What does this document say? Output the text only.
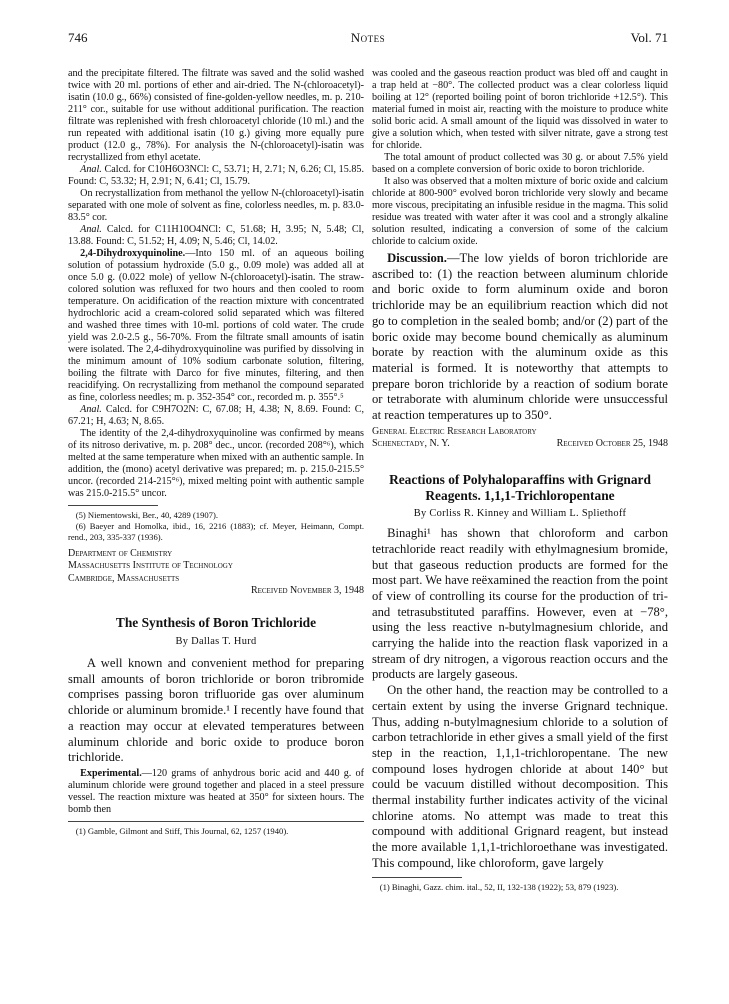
746	Notes	Vol. 71

and the precipitate filtered. The filtrate was saved and the solid washed twice with 20 ml. portions of ether and air-dried. The N-(chloroacetyl)-isatin (10.0 g., 66%) consisted of fine-golden-yellow needles, m. p. 210-211° cor., suitable for use without additional purification. The reaction filtrate was replenished with fresh chloroacetyl chloride (10 ml.) and the run repeated with additional isatin (10 g.) giving more equally pure product (12.0 g., 78%). For analysis the N-(chloroacetyl)-isatin was recrystallized from ethyl acetate.

Anal. Calcd. for C10H6O3NCl: C, 53.71; H, 2.71; N, 6.26; Cl, 15.85. Found: C, 53.32; H, 2.91; N, 6.41; Cl, 15.79.

On recrystallization from methanol the yellow N-(chloroacetyl)-isatin separated with one mole of solvent as fine, colorless needles, m. p. 83.0-83.5° cor.

Anal. Calcd. for C11H10O4NCl: C, 51.68; H, 3.95; N, 5.48; Cl, 13.88. Found: C, 51.52; H, 4.09; N, 5.46; Cl, 14.02.

2,4-Dihydroxyquinoline.—Into 150 ml. of an aqueous boiling solution of potassium hydroxide (5.0 g., 0.09 mole) was added all at once 5.0 g. (0.022 mole) of yellow N-(chloroacetyl)-isatin. The straw-colored solution was refluxed for two hours and then cooled to room temperature. On acidification of the reaction mixture with concentrated hydrochloric acid a cream-colored solid separated which was filtered and washed three times with 10-ml. portions of cold water. The crude yield was 2.0-2.5 g., 56-70%. From the filtrate small amounts of isatin were isolated. The 2,4-dihydroxyquinoline was purified by dissolving in the minimum amount of 10% sodium carbonate solution, filtering, boiling the filtrate with Darco for five minutes, filtering, and then reacidifying. On recrystallizing from methanol the compound separated as fine, colorless needles; m. p. 352-354° cor., recorded m. p. 355°.⁵

Anal. Calcd. for C9H7O2N: C, 67.08; H, 4.38; N, 8.69. Found: C, 67.21; H, 4.63; N, 8.65.

The identity of the 2,4-dihydroxyquinoline was confirmed by means of its nitroso derivative, m. p. 208° dec., uncor. (recorded 208°⁶), which melted at the same temperature when mixed with an authentic sample. In addition, the (mono) acetyl derivative was prepared; m. p. 215.0-215.5° uncor. (recorded 214-215°⁶), mixed melting point with authentic sample was 215.0-215.5° uncor.

(5) Niementowski, Ber., 40, 4289 (1907).

(6) Baeyer and Homolka, ibid., 16, 2216 (1883); cf. Meyer, Heimann, Compt. rend., 203, 335-337 (1936).

Department of Chemistry
Massachusetts Institute of Technology
Cambridge, Massachusetts
Received November 3, 1948
The Synthesis of Boron Trichloride
By Dallas T. Hurd

A well known and convenient method for preparing small amounts of boron trichloride or boron tribromide comprises passing boron trifluoride gas over aluminum chloride or aluminum bromide.¹ I recently have found that a reaction may occur at elevated temperatures between aluminum chloride and boric oxide to produce boron trichloride.

Experimental.—120 grams of anhydrous boric acid and 440 g. of aluminum chloride were ground together and placed in a steel pressure vessel. The reaction mixture was heated at 350° for sixteen hours. The bomb then

(1) Gamble, Gilmont and Stiff, This Journal, 62, 1257 (1940).

was cooled and the gaseous reaction product was bled off and caught in a trap held at −80°. The collected product was a clear colorless liquid boiling at 12° (reported boiling point of boron trichloride +12.5°). This material fumed in moist air, reacting with the moisture to produce white solid boric acid. A small amount of the liquid was dissolved in water to give a solution which, when tested with silver nitrate, gave a strong test for chloride.

The total amount of product collected was 30 g. or about 7.5% yield based on a complete conversion of boric oxide to boron trichloride.

It also was observed that a molten mixture of boric oxide and calcium chloride at 800-900° evolved boron trichloride very slowly and became more viscous, precipitating an infusible residue in the magma. This solid residue was treated with water after it was cool and a strongly alkaline solution resulted, indicating a conversion of some of the calcium chloride to calcium oxide.

Discussion.—The low yields of boron trichloride are ascribed to: (1) the reaction between aluminum chloride and boric oxide to form aluminum oxide and boron trichloride may be an equilibrium reaction which did not go to completion in the sealed bomb; and/or (2) part of the boric oxide may become bound chemically as aluminum borate by reaction with the aluminum oxide as this material is formed. It is noteworthy that attempts to prepare boron trichloride by a reaction of sodium borate or tetraborate with aluminum chloride were unsuccessful at reaction temperatures up to 350°.

General Electric Research Laboratory
Schenectady, N. Y.	Received October 25, 1948
Reactions of Polyhaloparaffins with Grignard Reagents. 1,1,1-Trichloropentane
By Corliss R. Kinney and William L. Spliethoff

Binaghi¹ has shown that chloroform and carbon tetrachloride react readily with ethylmagnesium bromide, but that gaseous reduction products are formed for the most part. We have reëxamined the reaction from the point of view of controlling its course for the production of tri- and tetrasubstituted paraffins. However, even at −78°, using the less reactive n-butylmagnesium chloride, and carrying the halide into the reaction flask vaporized in a stream of dry nitrogen, a vigorous reaction occurs and the products are largely gaseous.

On the other hand, the reaction may be controlled to a certain extent by using the inverse Grignard technique. Thus, adding n-butylmagnesium chloride to a solution of carbon tetrachloride in ether gives a small yield of the first step in the reaction, 1,1,1-trichloropentane. The new compound loses hydrogen chloride at about 140° but could be vacuum distilled without decomposition. This thermal instability further indicates activity of the vicinal chlorine atoms. No attempt was made to treat this compound with additional Grignard reagent, but instead the more available 1,1,1-trichloroethane was investigated. This compound, like chloroform, gave largely

(1) Binaghi, Gazz. chim. ital., 52, II, 132-138 (1922); 53, 879 (1923).
